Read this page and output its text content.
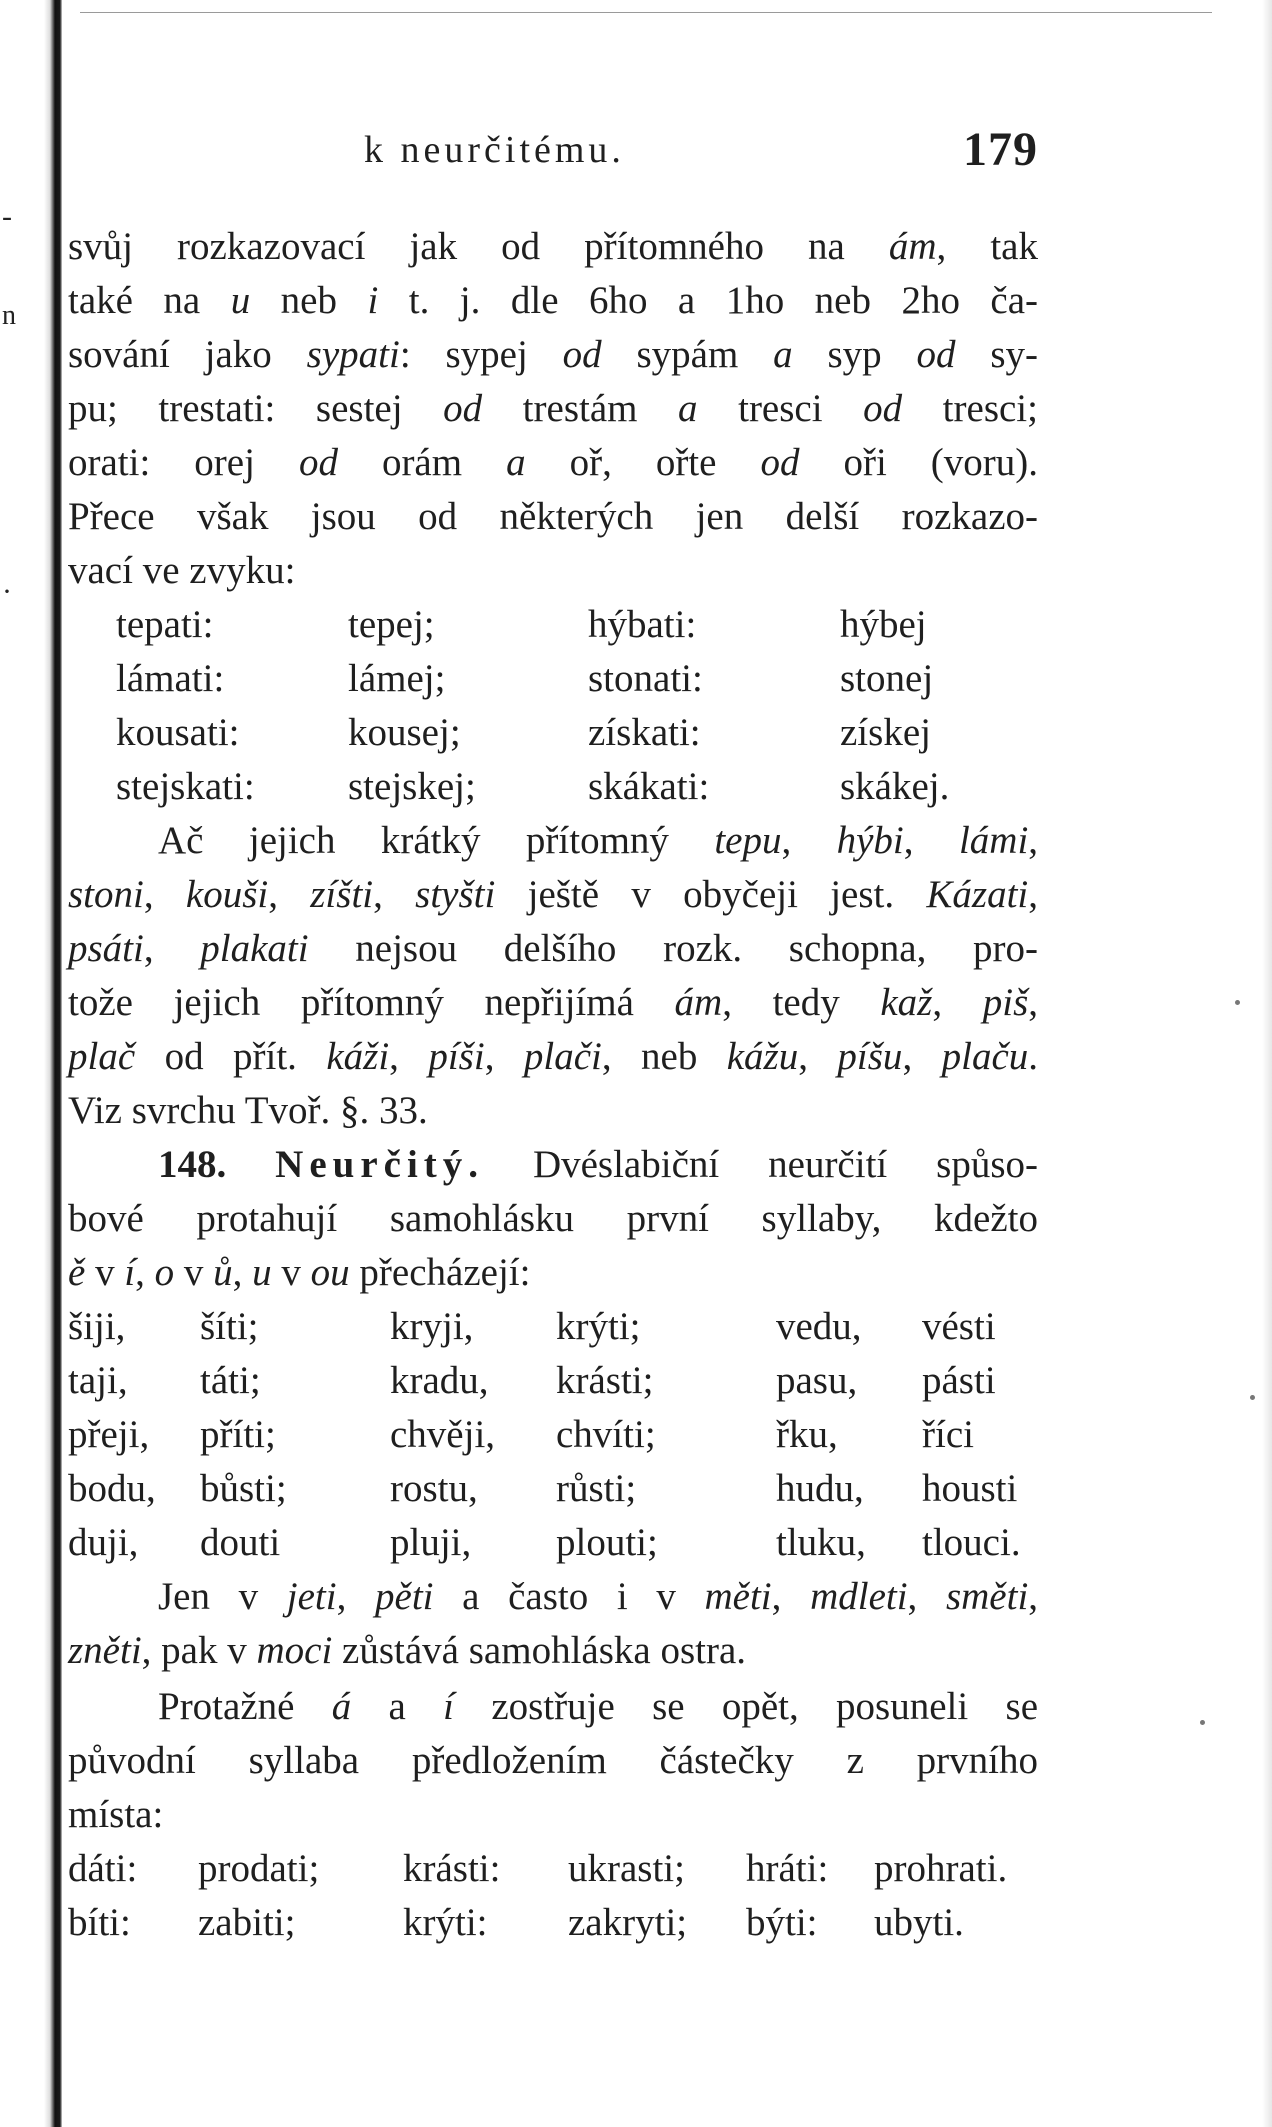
-
n
·
k neurčitému.	179
svůj rozkazovací jak od přítomného na ám, tak
také na u neb i t. j. dle 6ho a 1ho neb 2ho ča-
sování jako sypati: sypej od sypám a syp od sy-
pu; trestati: sestej od trestám a tresci od tresci;
orati: orej od orám a oř, ořte od oři (voru).
Přece však jsou od některých jen delší rozkazo-
vací ve zvyku:
tepati:	tepej;	hýbati:	hýbej
lámati:	lámej;	stonati:	stonej
kousati:	kousej;	získati:	získej
stejskati: stejskej;	skákati:	skákej.
Ač jejich krátký přítomný tepu, hýbi, lámi,
stoni, kouši, zíšti, styšti ještě v obyčeji jest. Kázati,
psáti, plakati nejsou delšího rozk. schopna, pro-
tože jejich přítomný nepřijímá ám, tedy kaž, piš,
plač od přít. káži, píši, plači, neb kážu, píšu, plaču.
Viz svrchu Tvoř. §. 33.
148. Neurčitý. Dvéslabiční neurčití spůso-
bové protahují samohlásku první syllaby, kdežto
ě v í, o v ů, u v ou přecházejí:
šiji, šíti;	kryji, krýti;	vedu, vésti
taji, táti;	kradu, krásti;	pasu, pásti
přeji, příti;	chvěji, chvíti;	řku, říci
bodu, bůsti;	rostu, růsti;	hudu, housti
duji, douti	pluji, plouti;	tluku, tlouci.
Jen v jeti, pěti a často i v měti, mdleti, směti,
zněti, pak v moci zůstává samohláska ostra.
Protažné á a í zostřuje se opět, posuneli se
původní syllaba předložením částečky z prvního
místa:
dáti: prodati; krásti: ukrasti; hráti: prohrati.
bíti: zabiti;	krýti: zakryti; býti: ubyti.
